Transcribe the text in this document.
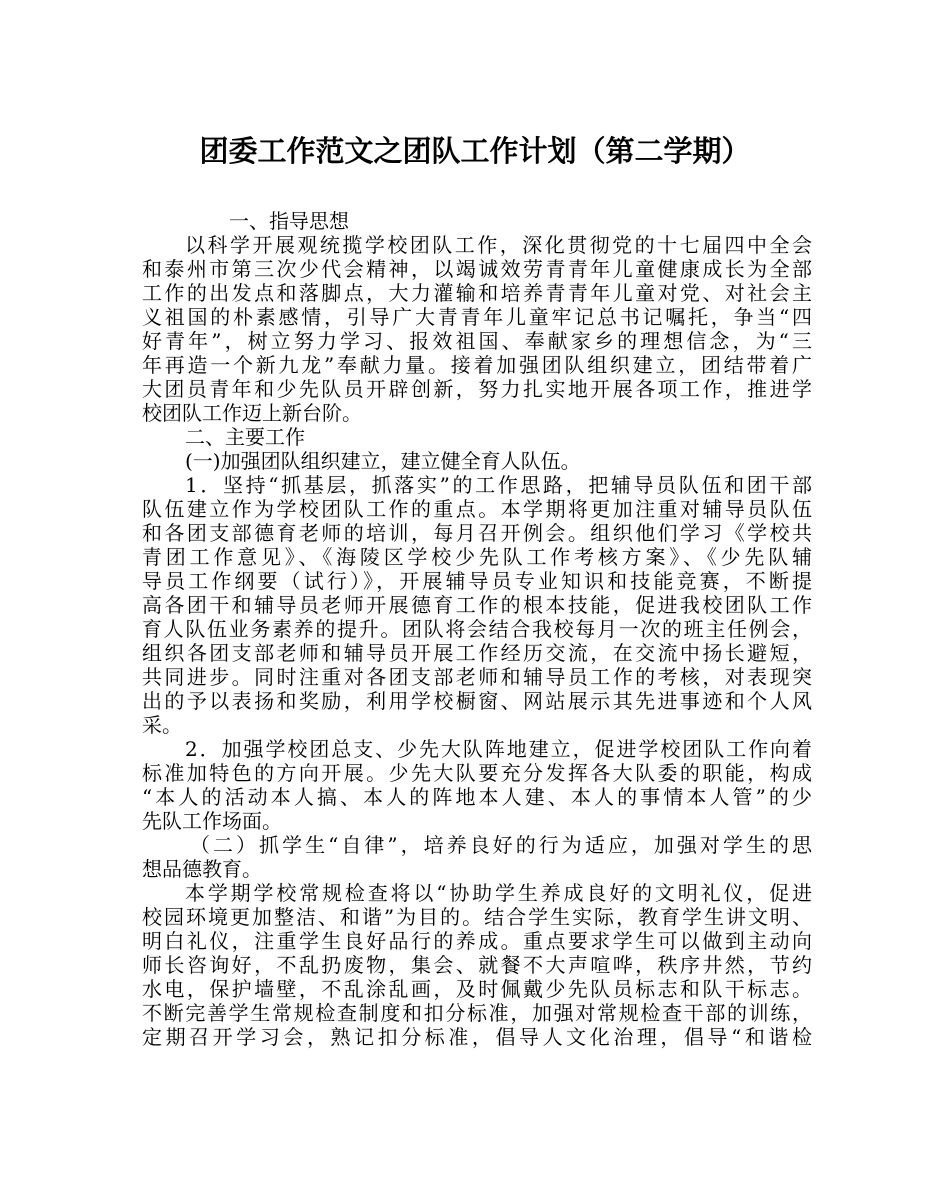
团委工作范文之团队工作计划（第二学期）
一、指导思想
以科学开展观统揽学校团队工作，深化贯彻党的十七届四中全会
和泰州市第三次少代会精神，以竭诚效劳青青年儿童健康成长为全部
工作的出发点和落脚点，大力灌输和培养青青年儿童对党、对社会主
义祖国的朴素感情，引导广大青青年儿童牢记总书记嘱托，争当“四
好青年”，树立努力学习、报效祖国、奉献家乡的理想信念，为“三
年再造一个新九龙”奉献力量。接着加强团队组织建立，团结带着广
大团员青年和少先队员开辟创新，努力扎实地开展各项工作，推进学
校团队工作迈上新台阶。
二、主要工作
(一)加强团队组织建立，建立健全育人队伍。
1．坚持“抓基层，抓落实”的工作思路，把辅导员队伍和团干部
队伍建立作为学校团队工作的重点。本学期将更加注重对辅导员队伍
和各团支部德育老师的培训，每月召开例会。组织他们学习《学校共
青团工作意见》、《海陵区学校少先队工作考核方案》、《少先队辅
导员工作纲要（试行）》，开展辅导员专业知识和技能竞赛，不断提
高各团干和辅导员老师开展德育工作的根本技能，促进我校团队工作
育人队伍业务素养的提升。团队将会结合我校每月一次的班主任例会，
组织各团支部老师和辅导员开展工作经历交流，在交流中扬长避短，
共同进步。同时注重对各团支部老师和辅导员工作的考核，对表现突
出的予以表扬和奖励，利用学校橱窗、网站展示其先进事迹和个人风
采。
2．加强学校团总支、少先大队阵地建立，促进学校团队工作向着
标准加特色的方向开展。少先大队要充分发挥各大队委的职能，构成
“本人的活动本人搞、本人的阵地本人建、本人的事情本人管”的少
先队工作场面。
（二）抓学生“自律”，培养良好的行为适应，加强对学生的思
想品德教育。
本学期学校常规检查将以“协助学生养成良好的文明礼仪，促进
校园环境更加整洁、和谐”为目的。结合学生实际，教育学生讲文明、
明白礼仪，注重学生良好品行的养成。重点要求学生可以做到主动向
师长咨询好，不乱扔废物，集会、就餐不大声喧哗，秩序井然，节约
水电，保护墙壁，不乱涂乱画，及时佩戴少先队员标志和队干标志。
不断完善学生常规检查制度和扣分标准，加强对常规检查干部的训练，
定期召开学习会，熟记扣分标准，倡导人文化治理，倡导“和谐检
